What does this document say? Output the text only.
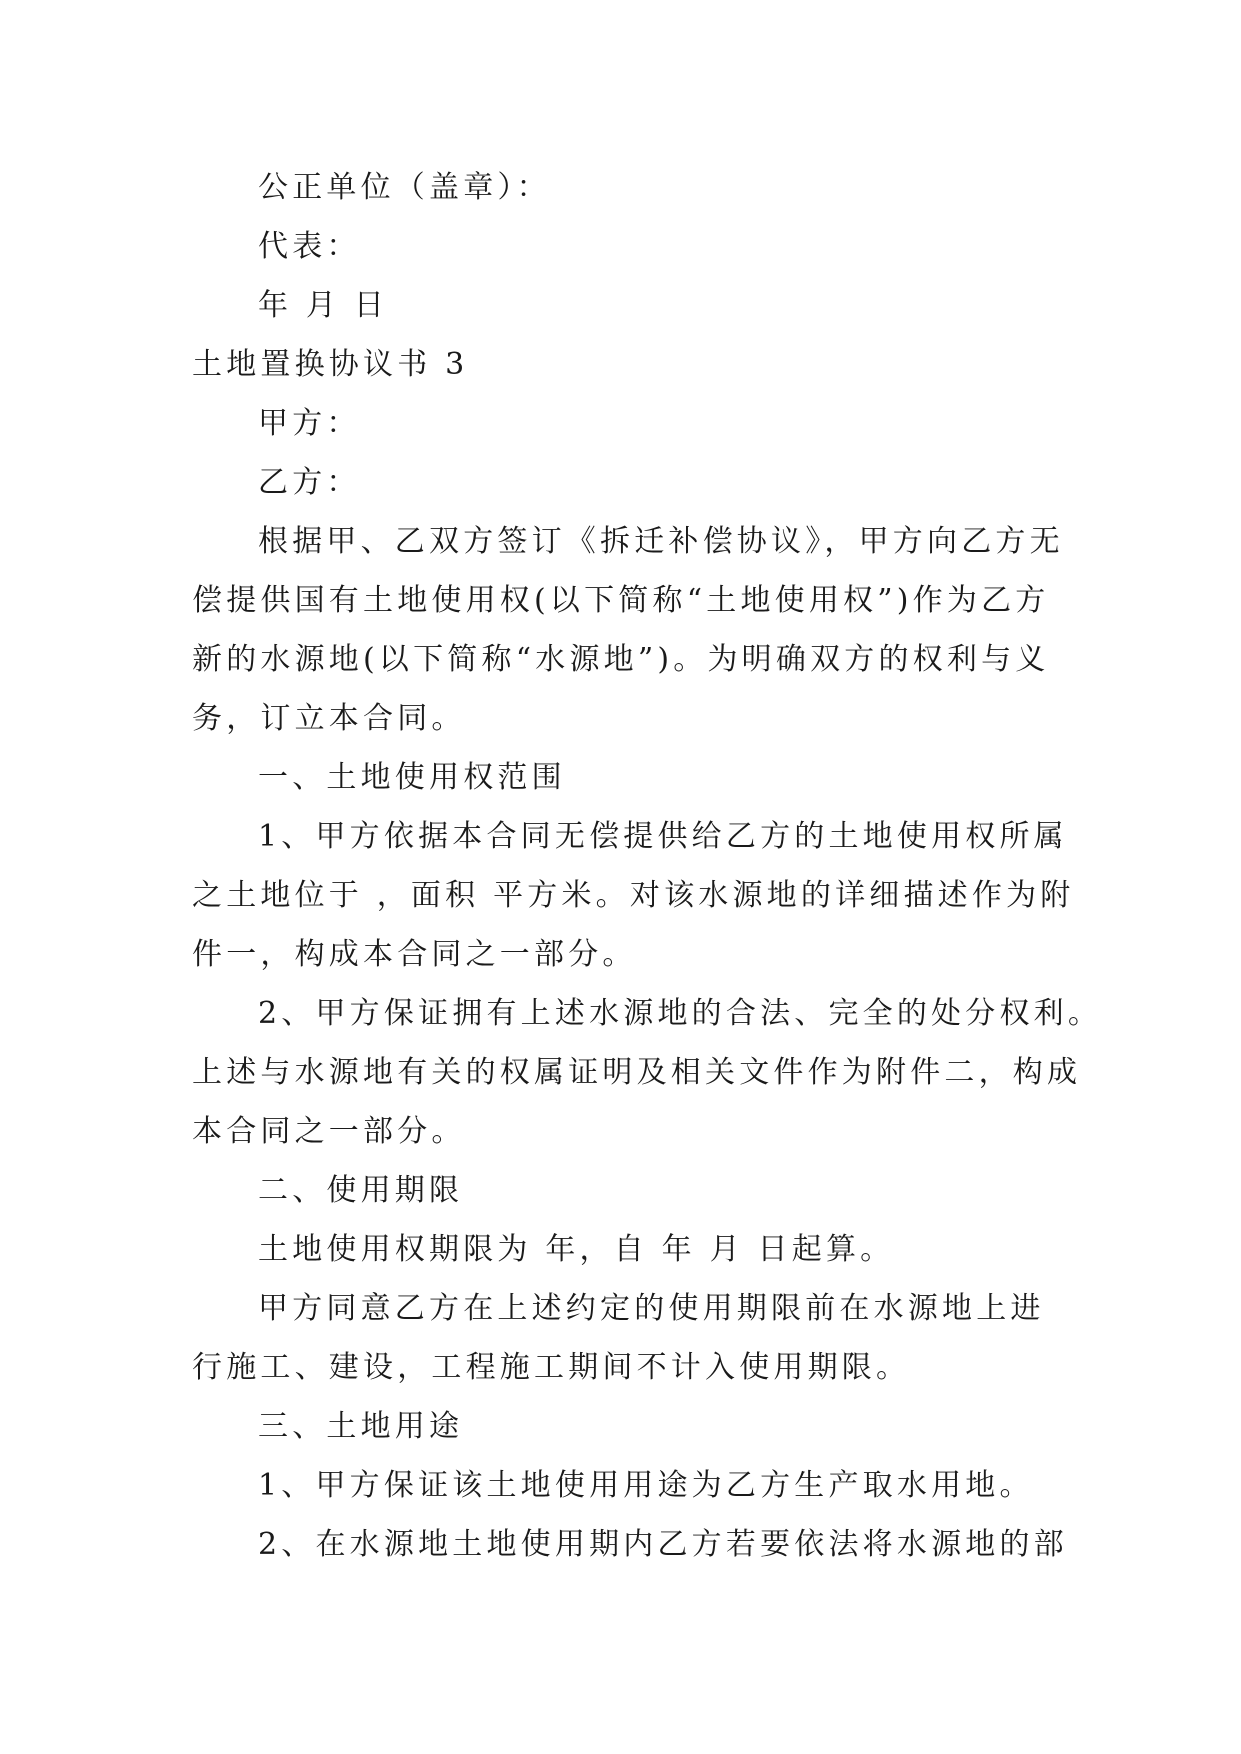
公正单位（盖章）：
代表：
年 月 日
土地置换协议书 3
甲方：
乙方：
根据甲、乙双方签订《拆迁补偿协议》，甲方向乙方无
偿提供国有土地使用权(以下简称“土地使用权”)作为乙方
新的水源地(以下简称“水源地”)。为明确双方的权利与义
务，订立本合同。
一、土地使用权范围
1、甲方依据本合同无偿提供给乙方的土地使用权所属
之土地位于 ，面积 平方米。对该水源地的详细描述作为附
件一，构成本合同之一部分。
2、甲方保证拥有上述水源地的合法、完全的处分权利。
上述与水源地有关的权属证明及相关文件作为附件二，构成
本合同之一部分。
二、使用期限
土地使用权期限为 年，自 年 月 日起算。
甲方同意乙方在上述约定的使用期限前在水源地上进
行施工、建设，工程施工期间不计入使用期限。
三、土地用途
1、甲方保证该土地使用用途为乙方生产取水用地。
2、在水源地土地使用期内乙方若要依法将水源地的部
